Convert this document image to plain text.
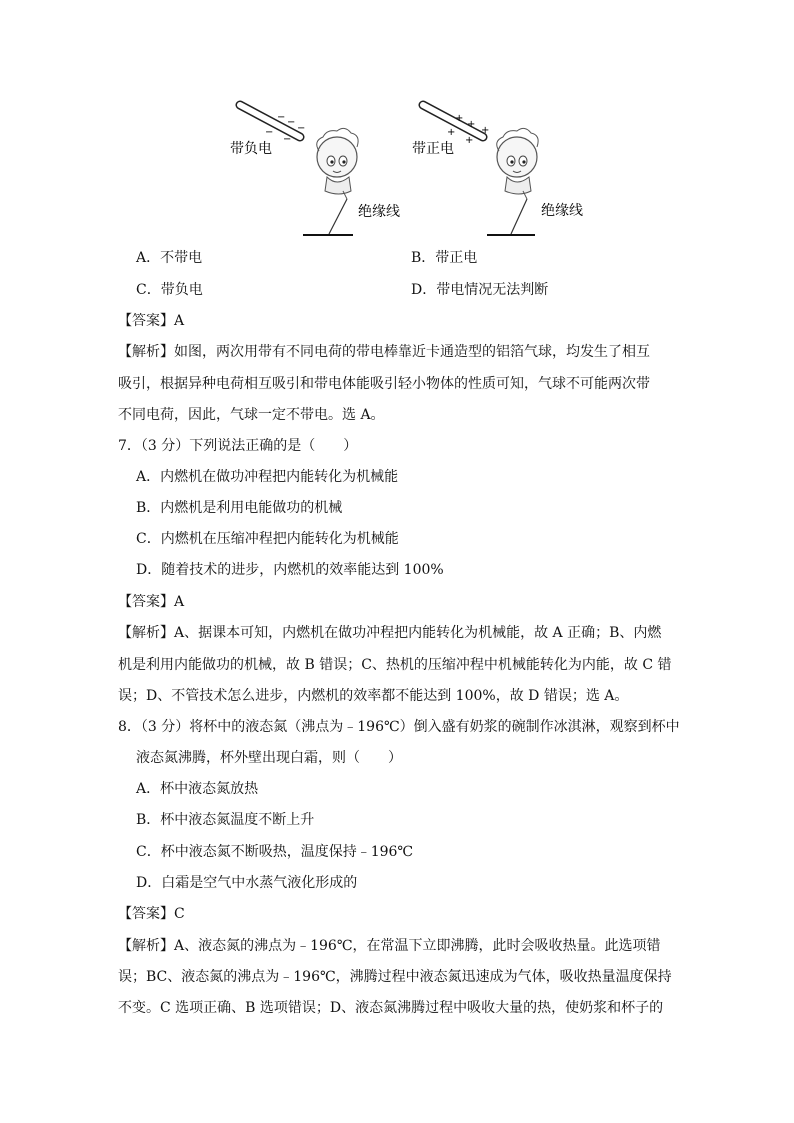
− −
−
−
−
带负电
绝缘线
+
+
+
+
+
带正电
绝缘线
A．不带电	B．带正电
C．带负电	D．带电情况无法判断
【答案】A
【解析】如图，两次用带有不同电荷的带电棒靠近卡通造型的铝箔气球，均发生了相互
吸引，根据异种电荷相互吸引和带电体能吸引轻小物体的性质可知，气球不可能两次带
不同电荷，因此，气球一定不带电。选 A。
7．（3 分）下列说法正确的是（　　）
A．内燃机在做功冲程把内能转化为机械能
B．内燃机是利用电能做功的机械
C．内燃机在压缩冲程把内能转化为机械能
D．随着技术的进步，内燃机的效率能达到 100%
【答案】A
【解析】A、据课本可知，内燃机在做功冲程把内能转化为机械能，故 A 正确；B、内燃
机是利用内能做功的机械，故 B 错误；C、热机的压缩冲程中机械能转化为内能，故 C 错
误；D、不管技术怎么进步，内燃机的效率都不能达到 100%，故 D 错误；选 A。
8．（3 分）将杯中的液态氮（沸点为﹣196℃）倒入盛有奶浆的碗制作冰淇淋，观察到杯中
液态氮沸腾，杯外壁出现白霜，则（　　）
A．杯中液态氮放热
B．杯中液态氮温度不断上升
C．杯中液态氮不断吸热，温度保持﹣196℃
D．白霜是空气中水蒸气液化形成的
【答案】C
【解析】A、液态氮的沸点为﹣196℃，在常温下立即沸腾，此时会吸收热量。此选项错
误；BC、液态氮的沸点为﹣196℃，沸腾过程中液态氮迅速成为气体，吸收热量温度保持
不变。C 选项正确、B 选项错误；D、液态氮沸腾过程中吸收大量的热，使奶浆和杯子的
